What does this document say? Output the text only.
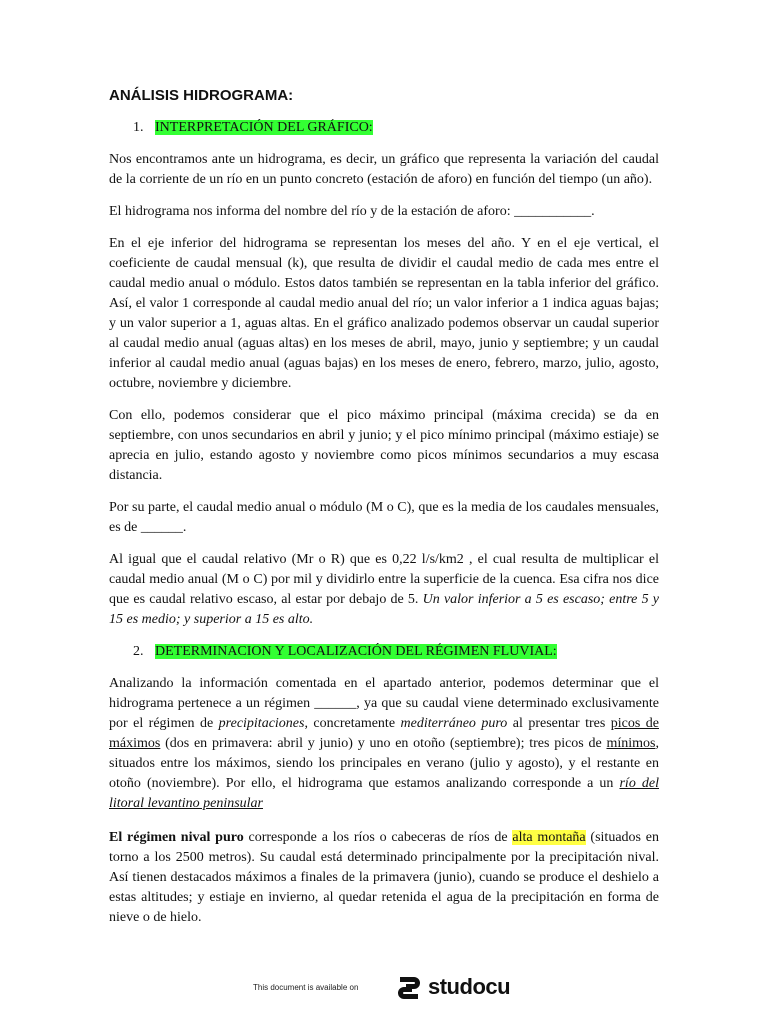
ANÁLISIS HIDROGRAMA:
1. INTERPRETACIÓN DEL GRÁFICO:

Nos encontramos ante un hidrograma, es decir, un gráfico que representa la variación del caudal de la corriente de un río en un punto concreto (estación de aforo) en función del tiempo (un año).

El hidrograma nos informa del nombre del río y de la estación de aforo: ___________.

En el eje inferior del hidrograma se representan los meses del año. Y en el eje vertical, el coeficiente de caudal mensual (k), que resulta de dividir el caudal medio de cada mes entre el caudal medio anual o módulo. Estos datos también se representan en la tabla inferior del gráfico. Así, el valor 1 corresponde al caudal medio anual del río; un valor inferior a 1 indica aguas bajas; y un valor superior a 1, aguas altas. En el gráfico analizado podemos observar un caudal superior al caudal medio anual (aguas altas) en los meses de abril, mayo, junio y septiembre; y un caudal inferior al caudal medio anual (aguas bajas) en los meses de enero, febrero, marzo, julio, agosto, octubre, noviembre y diciembre.

Con ello, podemos considerar que el pico máximo principal (máxima crecida) se da en septiembre, con unos secundarios en abril y junio; y el pico mínimo principal (máximo estiaje) se aprecia en julio, estando agosto y noviembre como picos mínimos secundarios a muy escasa distancia.

Por su parte, el caudal medio anual o módulo (M o C), que es la media de los caudales mensuales, es de ______.

Al igual que el caudal relativo (Mr o R) que es 0,22 l/s/km2 , el cual resulta de multiplicar el caudal medio anual (M o C) por mil y dividirlo entre la superficie de la cuenca. Esa cifra nos dice que es caudal relativo escaso, al estar por debajo de 5. Un valor inferior a 5 es escaso; entre 5 y 15 es medio; y superior a 15 es alto.

2. DETERMINACION Y LOCALIZACIÓN DEL RÉGIMEN FLUVIAL:

Analizando la información comentada en el apartado anterior, podemos determinar que el hidrograma pertenece a un régimen ______, ya que su caudal viene determinado exclusivamente por el régimen de precipitaciones, concretamente mediterráneo puro al presentar tres picos de máximos (dos en primavera: abril y junio) y uno en otoño (septiembre); tres picos de mínimos, situados entre los máximos, siendo los principales en verano (julio y agosto), y el restante en otoño (noviembre). Por ello, el hidrograma que estamos analizando corresponde a un río del litoral levantino peninsular

El régimen nival puro corresponde a los ríos o cabeceras de ríos de alta montaña (situados en torno a los 2500 metros). Su caudal está determinado principalmente por la precipitación nival. Así tienen destacados máximos a finales de la primavera (junio), cuando se produce el deshielo a estas altitudes; y estiaje en invierno, al quedar retenida el agua de la precipitación en forma de nieve o de hielo.

This document is available on	studocu
